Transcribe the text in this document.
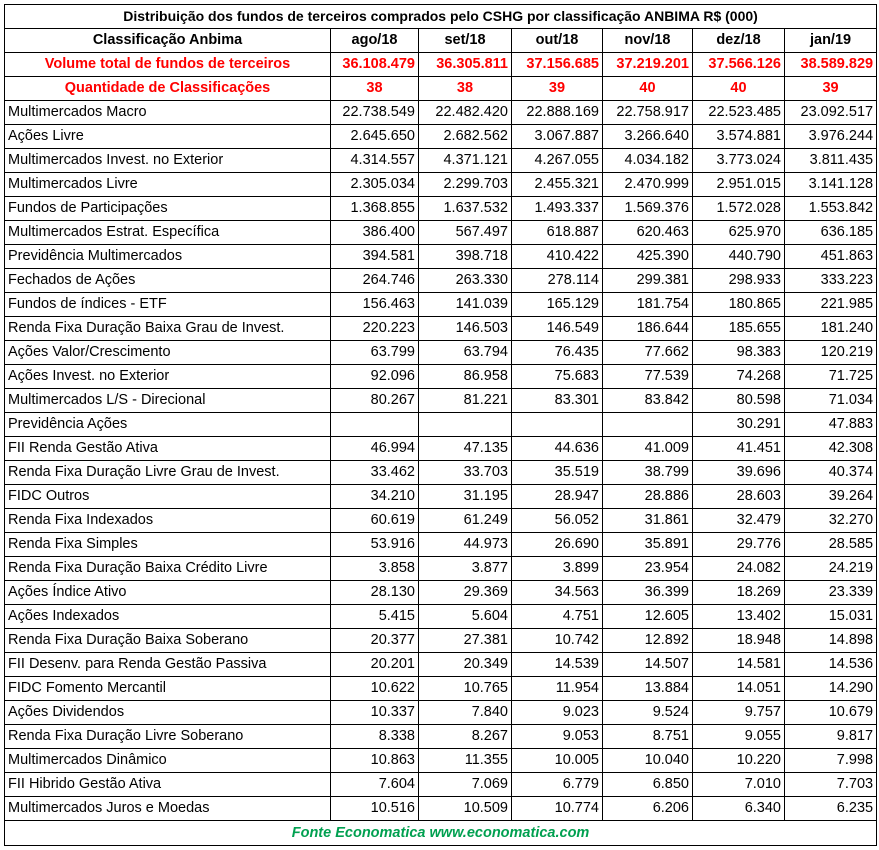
Distribuição dos fundos de terceiros comprados pelo CSHG por classificação ANBIMA R$ (000)						
Classificação Anbima	ago/18	set/18	out/18	nov/18	dez/18	jan/19
Volume total de fundos de terceiros	36.108.479	36.305.811	37.156.685	37.219.201	37.566.126	38.589.829
Quantidade de Classificações	38	38	39	40	40	39
Multimercados Macro	22.738.549	22.482.420	22.888.169	22.758.917	22.523.485	23.092.517
Ações Livre	2.645.650	2.682.562	3.067.887	3.266.640	3.574.881	3.976.244
Multimercados Invest. no Exterior	4.314.557	4.371.121	4.267.055	4.034.182	3.773.024	3.811.435
Multimercados Livre	2.305.034	2.299.703	2.455.321	2.470.999	2.951.015	3.141.128
Fundos de Participações	1.368.855	1.637.532	1.493.337	1.569.376	1.572.028	1.553.842
Multimercados Estrat. Específica	386.400	567.497	618.887	620.463	625.970	636.185
Previdência Multimercados	394.581	398.718	410.422	425.390	440.790	451.863
Fechados de Ações	264.746	263.330	278.114	299.381	298.933	333.223
Fundos de índices - ETF	156.463	141.039	165.129	181.754	180.865	221.985
Renda Fixa Duração Baixa Grau de Invest.	220.223	146.503	146.549	186.644	185.655	181.240
Ações Valor/Crescimento	63.799	63.794	76.435	77.662	98.383	120.219
Ações Invest. no Exterior	92.096	86.958	75.683	77.539	74.268	71.725
Multimercados L/S - Direcional	80.267	81.221	83.301	83.842	80.598	71.034
Previdência Ações					30.291	47.883
FII Renda Gestão Ativa	46.994	47.135	44.636	41.009	41.451	42.308
Renda Fixa Duração Livre Grau de Invest.	33.462	33.703	35.519	38.799	39.696	40.374
FIDC Outros	34.210	31.195	28.947	28.886	28.603	39.264
Renda Fixa Indexados	60.619	61.249	56.052	31.861	32.479	32.270
Renda Fixa Simples	53.916	44.973	26.690	35.891	29.776	28.585
Renda Fixa Duração Baixa Crédito Livre	3.858	3.877	3.899	23.954	24.082	24.219
Ações Índice Ativo	28.130	29.369	34.563	36.399	18.269	23.339
Ações Indexados	5.415	5.604	4.751	12.605	13.402	15.031
Renda Fixa Duração Baixa Soberano	20.377	27.381	10.742	12.892	18.948	14.898
FII Desenv. para Renda Gestão Passiva	20.201	20.349	14.539	14.507	14.581	14.536
FIDC Fomento Mercantil	10.622	10.765	11.954	13.884	14.051	14.290
Ações Dividendos	10.337	7.840	9.023	9.524	9.757	10.679
Renda Fixa Duração Livre Soberano	8.338	8.267	9.053	8.751	9.055	9.817
Multimercados Dinâmico	10.863	11.355	10.005	10.040	10.220	7.998
FII Hibrido Gestão Ativa	7.604	7.069	6.779	6.850	7.010	7.703
Multimercados Juros e Moedas	10.516	10.509	10.774	6.206	6.340	6.235
Fonte Economatica www.economatica.com						
